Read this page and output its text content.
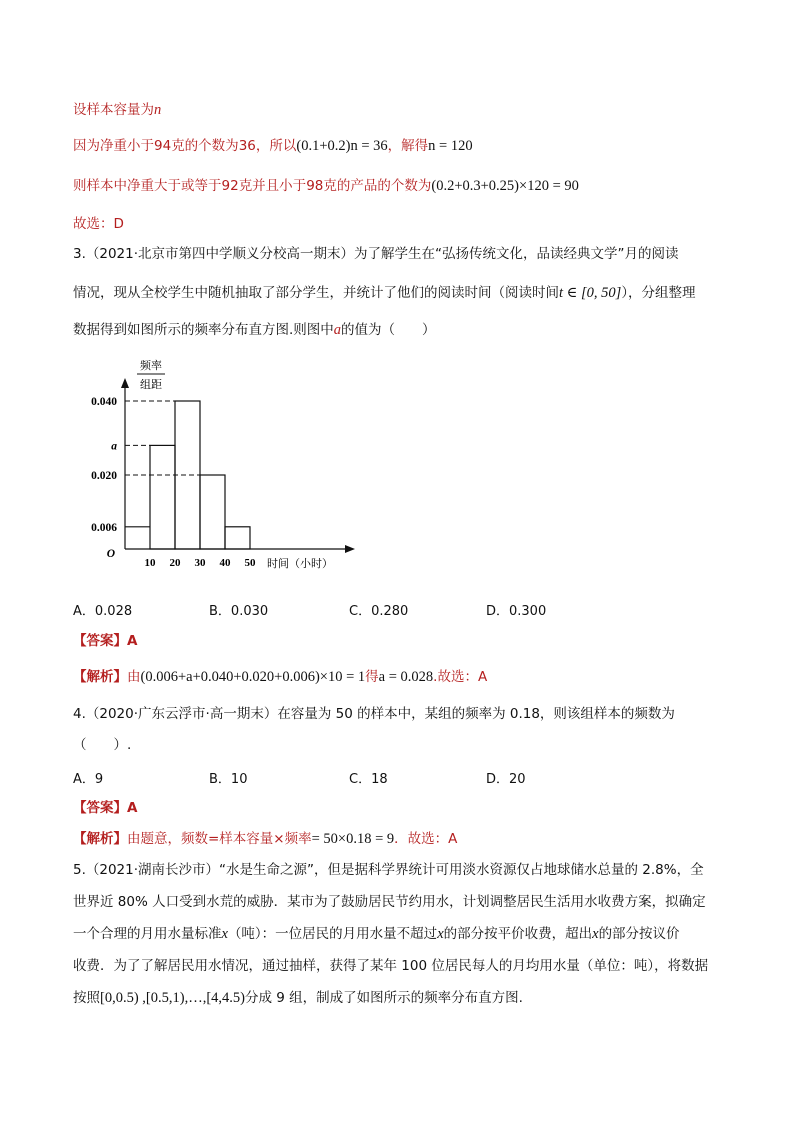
设样本容量为n
因为净重小于94克的个数为36，所以(0.1+0.2)n = 36，解得n = 120
则样本中净重大于或等于92克并且小于98克的产品的个数为(0.2+0.3+0.25)×120 = 90
故选：D
3.（2021·北京市第四中学顺义分校高一期末）为了解学生在“弘扬传统文化，品读经典文学”月的阅读
情况，现从全校学生中随机抽取了部分学生，并统计了他们的阅读时间（阅读时间t ∈ [0, 50]），分组整理
数据得到如图所示的频率分布直方图.则图中a的值为（　　）
频率
组距
0.040
a
0.020
0.006
O
10 20 30 40 50 时间（小时）
A．0.028	B．0.030	C．0.280	D．0.300
【答案】A
【解析】由(0.006+a+0.040+0.020+0.006)×10 = 1得a = 0.028.故选：A
4.（2020·广东云浮市·高一期末）在容量为 50 的样本中，某组的频率为 0.18，则该组样本的频数为
（　　）.
A．9	B．10	C．18	D．20
【答案】A
【解析】由题意，频数=样本容量×频率= 50×0.18 = 9．故选：A
5.（2021·湖南长沙市）“水是生命之源”，但是据科学界统计可用淡水资源仅占地球储水总量的 2.8%，全
世界近 80% 人口受到水荒的威胁．某市为了鼓励居民节约用水，计划调整居民生活用水收费方案，拟确定
一个合理的月用水量标准x（吨）：一位居民的月用水量不超过x的部分按平价收费，超出x的部分按议价
收费．为了了解居民用水情况，通过抽样，获得了某年 100 位居民每人的月均用水量（单位：吨），将数据
按照[0,0.5) ,[0.5,1),…,[4,4.5)分成 9 组，制成了如图所示的频率分布直方图.
